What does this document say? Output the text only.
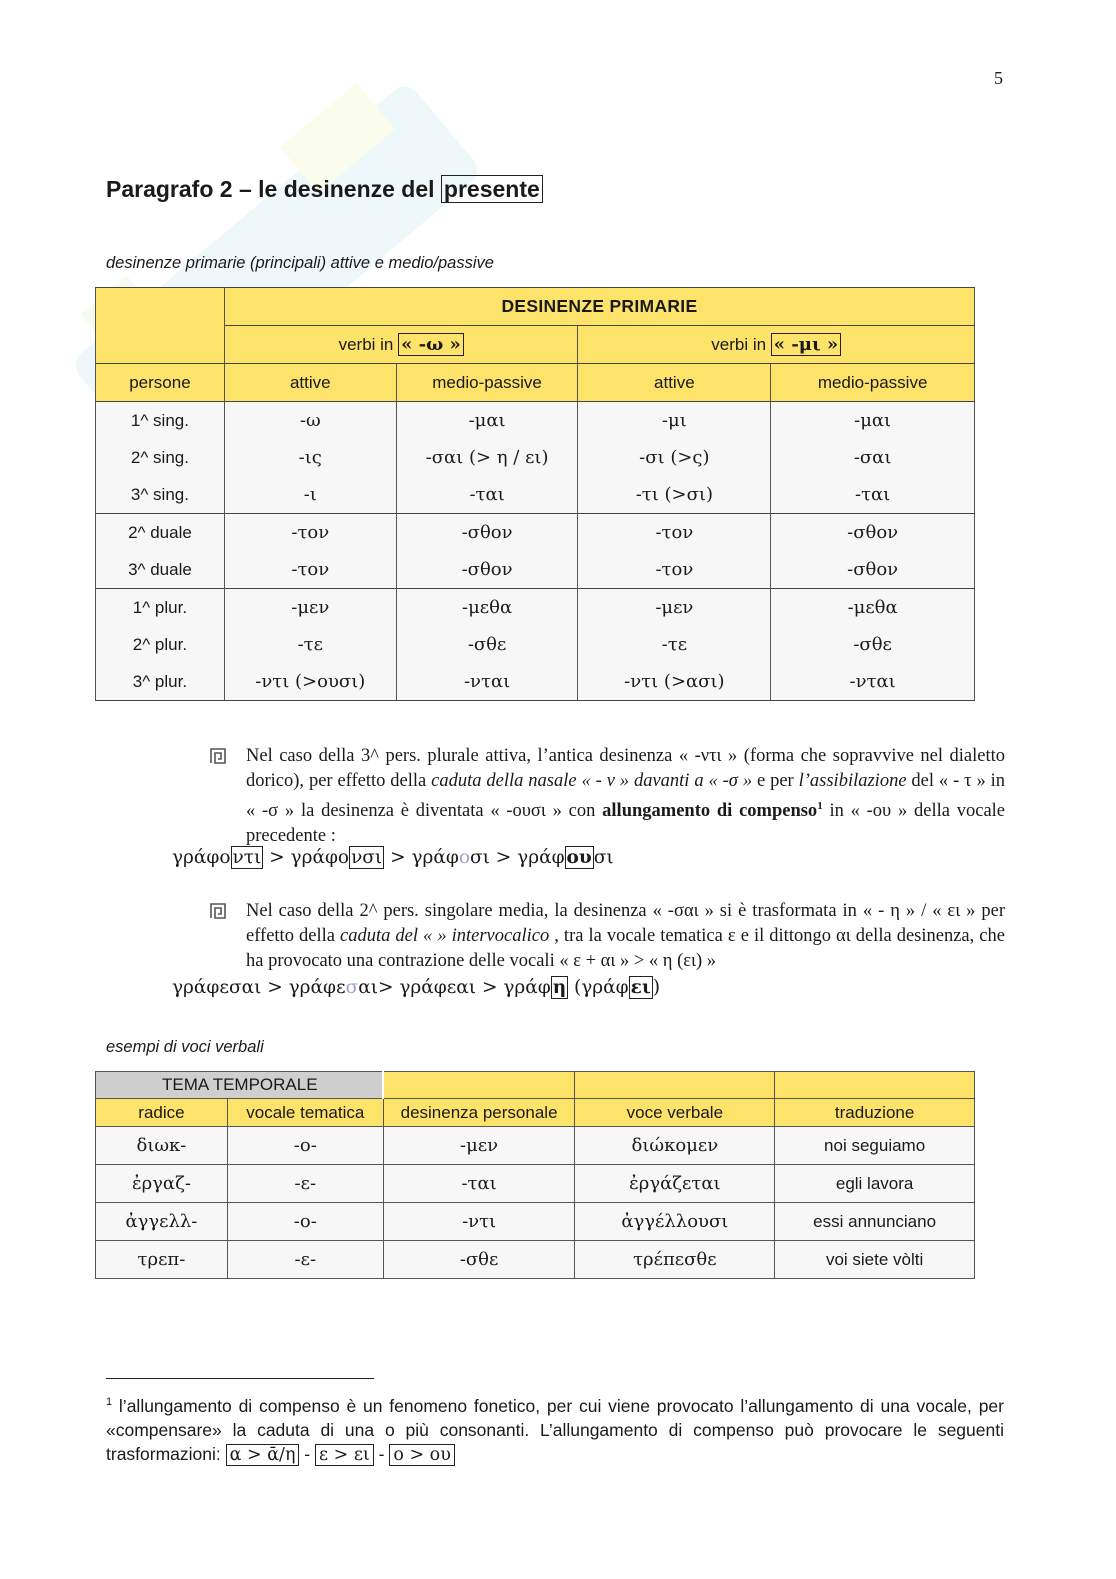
5
Paragrafo 2 – le desinenze del presente
desinenze primarie (principali) attive e medio/passive
	DESINENZE PRIMARIE			
	verbi in « -ω »		verbi in « -μι »	
persone	attive	medio-passive	attive	medio-passive
1^ sing.	-ω	-μαι	-μι	-μαι
2^ sing.	-ις	-σαι (> η / ει)	-σι (>ς)	-σαι
3^ sing.	-ι	-ται	-τι (>σι)	-ται
2^ duale	-τον	-σθον	-τον	-σθον
3^ duale	-τον	-σθον	-τον	-σθον
1^ plur.	-μεν	-μεθα	-μεν	-μεθα
2^ plur.	-τε	-σθε	-τε	-σθε
3^ plur.	-ντι (>ουσι)	-νται	-ντι (>ασι)	-νται
Nel caso della 3^ pers. plurale attiva, l’antica desinenza « -ντι » (forma che sopravvive nel dialetto dorico), per effetto della caduta della nasale « - ν » davanti a « -σ » e per l’assibilazione del « - τ » in « -σ » la desinenza è diventata « -ουσι » con allungamento di compenso$^1$ in « -ου » della vocale precedente :
γράφο ντι > γράφο νσι > γράφοσι > γράφ ου σι
Nel caso della 2^ pers. singolare media, la desinenza « -σαι » si è trasformata in « - η » / « ει » per effetto della caduta del « » intervocalico , tra la vocale tematica ε e il dittongo αι della desinenza, che ha provocato una contrazione delle vocali « ε + αι » > « η (ει) »
γράφεσαι > γράφεσαι> γράφεαι > γράφ η (γράφ ει )
esempi di voci verbali
TEMA TEMPORALE				
radice	vocale tematica	desinenza personale	voce verbale	traduzione
διωκ-	-ο-	-μεν	διώκομεν	noi seguiamo
ἐργαζ-	-ε-	-ται	ἐργάζεται	egli lavora
ἀγγελλ-	-ο-	-ντι	ἀγγέλλουσι	essi annunciano
τρεπ-	-ε-	-σθε	τρέπεσθε	voi siete vòlti
$^1$ l’allungamento di compenso è un fenomeno fonetico, per cui viene provocato l’allungamento di una vocale, per «compensare» la caduta di una o più consonanti. L’allungamento di compenso può provocare le seguenti trasformazioni: α > ᾱ/η - ε > ει - ο > ου
